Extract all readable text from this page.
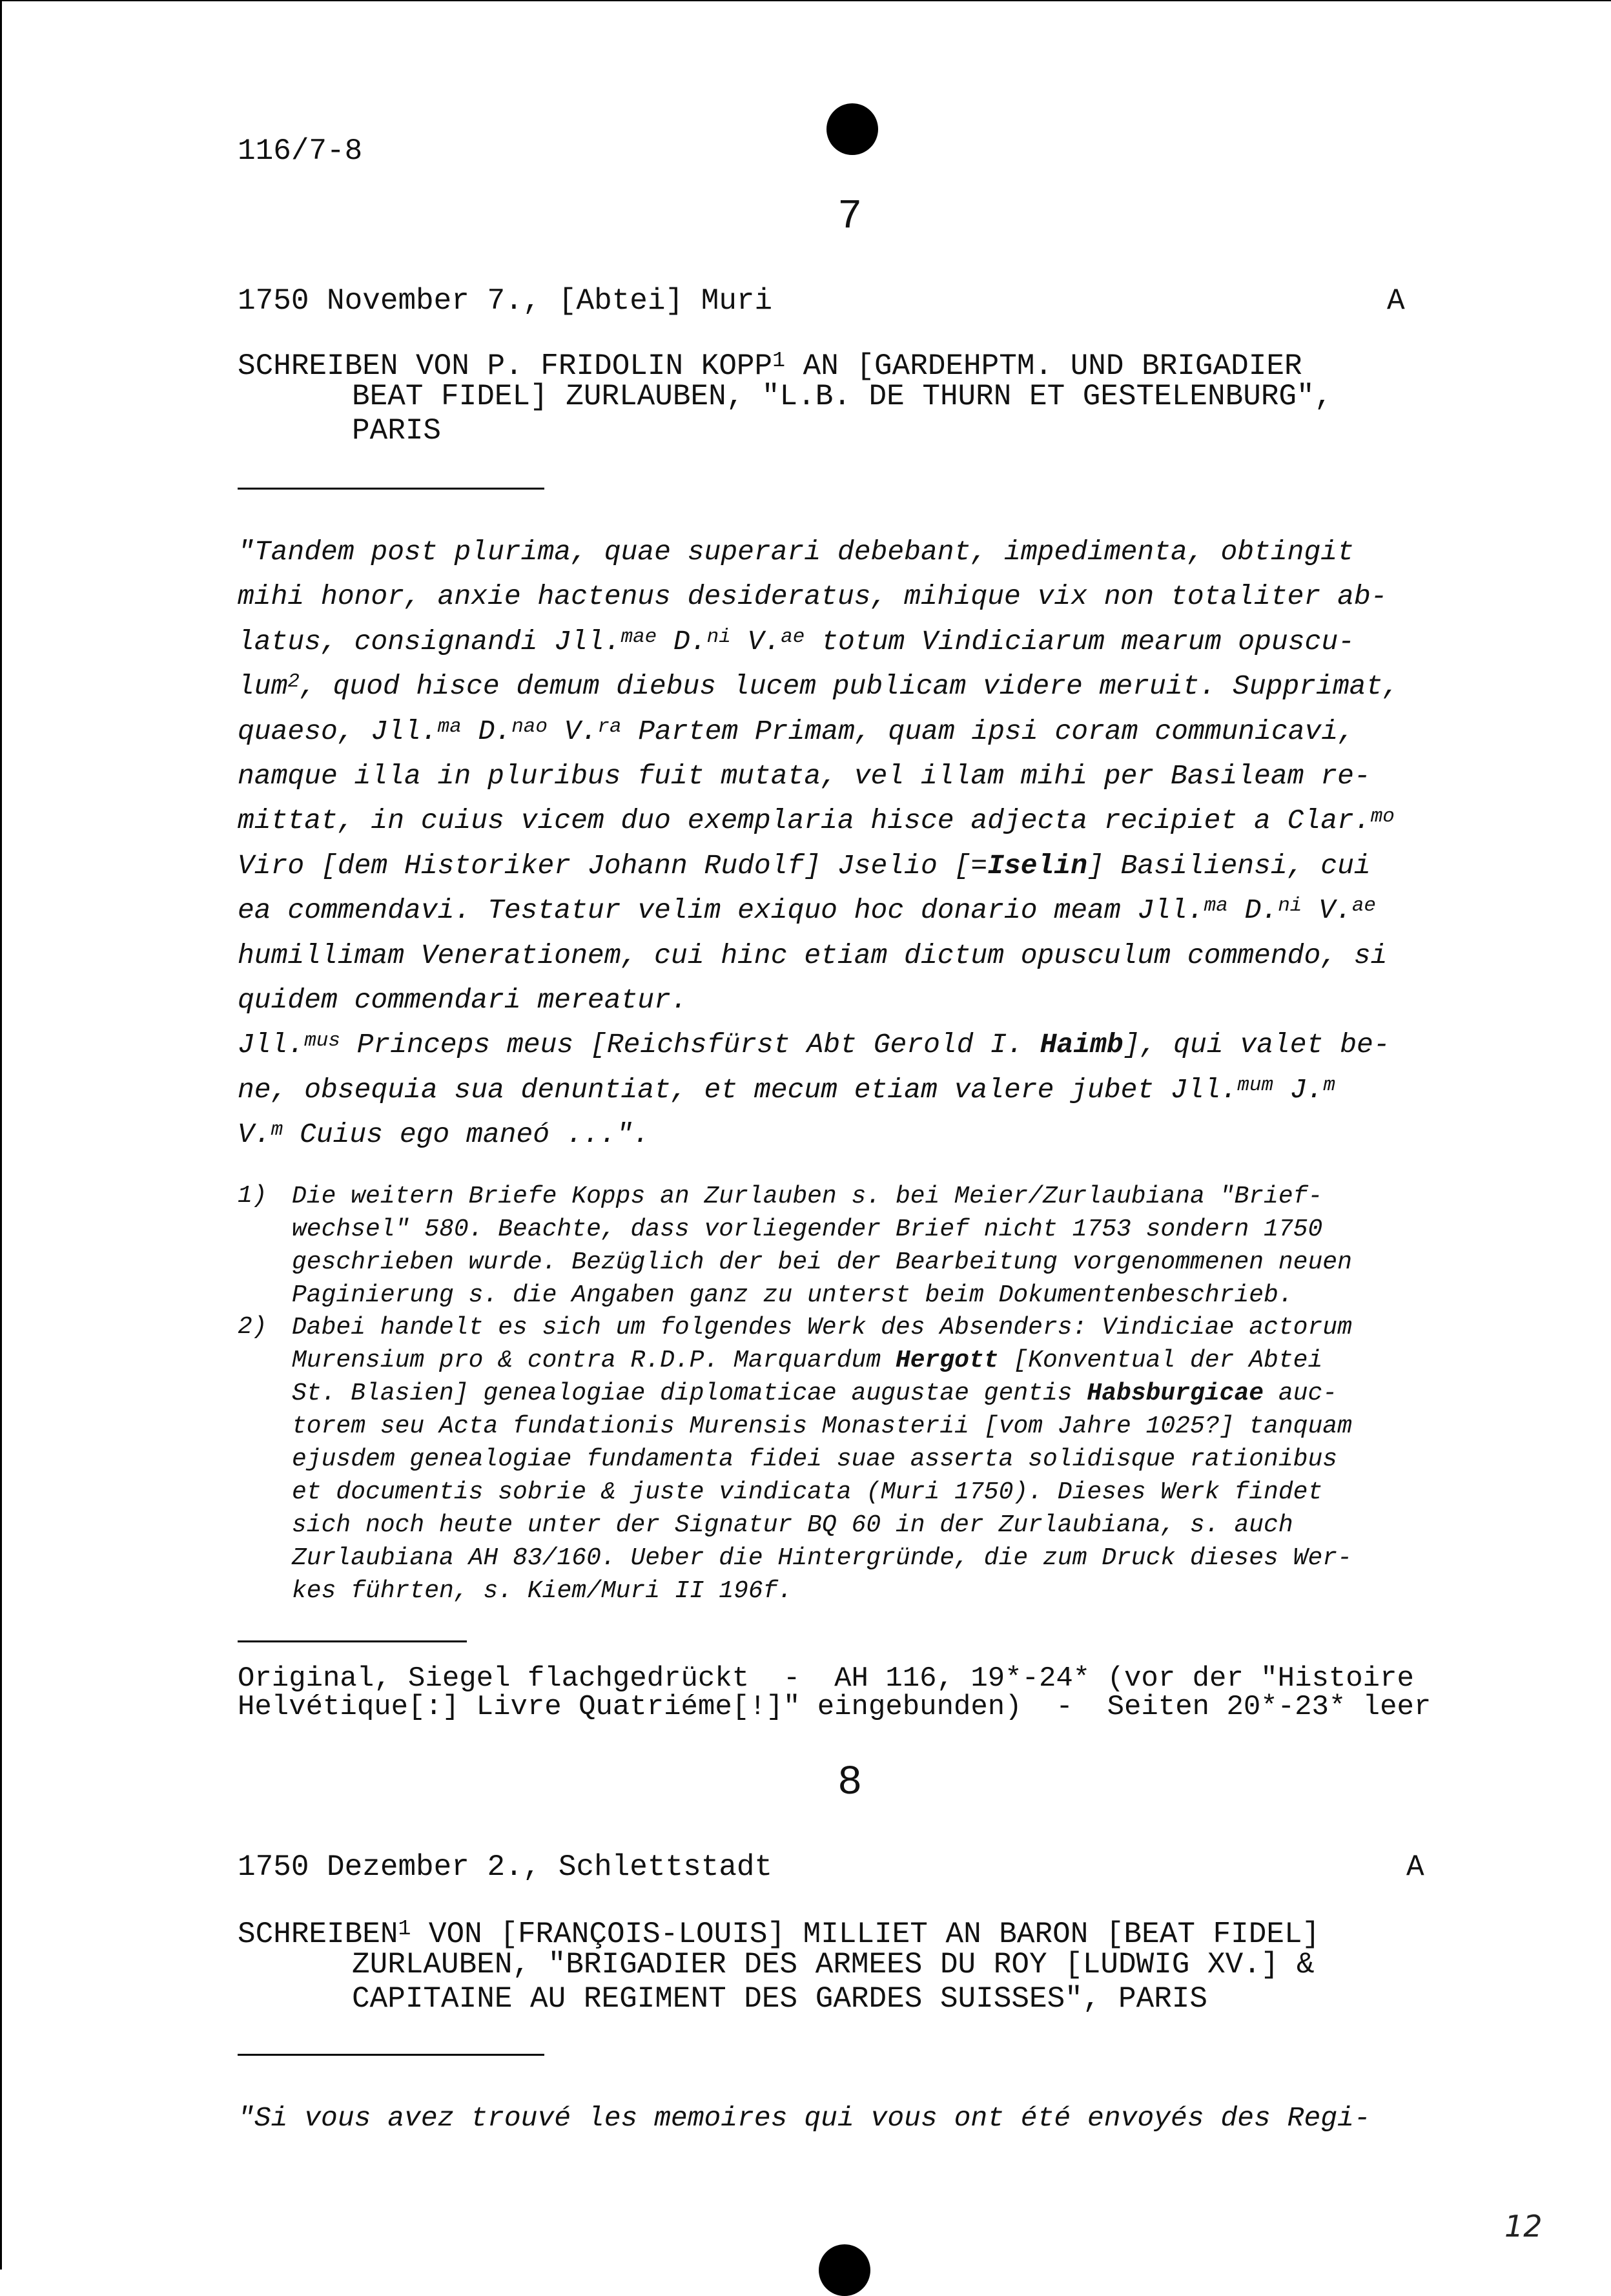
116/7-8
7
1750 November 7., [Abtei] Muri	A
SCHREIBEN VON P. FRIDOLIN KOPP$^1$ AN [GARDEHPTM. UND BRIGADIER
BEAT FIDEL] ZURLAUBEN, "L.B. DE THURN ET GESTELENBURG",
PARIS
"Tandem post plurima, quae superari debebant, impedimenta, obtingit
mihi honor, anxie hactenus desideratus, mihique vix non totaliter ab-
latus, consignandi Jll.$^{mae}$ D.$^{ni}$ V.$^{ae}$ totum Vindiciarum mearum opuscu-
lum$^2$, quod hisce demum diebus lucem publicam videre meruit. Supprimat,
quaeso, Jll.$^{ma}$ D.$^{nao}$ V.$^{ra}$ Partem Primam, quam ipsi coram communicavi,
namque illa in pluribus fuit mutata, vel illam mihi per Basileam re-
mittat, in cuius vicem duo exemplaria hisce adjecta recipiet a Clar.$^{mo}$
Viro [dem Historiker Johann Rudolf] Jselio [=Iselin] Basiliensi, cui
ea commendavi. Testatur velim exiquo hoc donario meam Jll.$^{ma}$ D.$^{ni}$ V.$^{ae}$
humillimam Venerationem, cui hinc etiam dictum opusculum commendo, si
quidem commendari mereatur.
Jll.$^{mus}$ Princeps meus [Reichsfürst Abt Gerold I. Haimb], qui valet be-
ne, obsequia sua denuntiat, et mecum etiam valere jubet Jll.$^{mum}$ J.$^m$
V.$^m$ Cuius ego maneó ...".
1) Die weitern Briefe Kopps an Zurlauben s. bei Meier/Zurlaubiana "Brief-
wechsel" 580. Beachte, dass vorliegender Brief nicht 1753 sondern 1750
geschrieben wurde. Bezüglich der bei der Bearbeitung vorgenommenen neuen
Paginierung s. die Angaben ganz zu unterst beim Dokumentenbeschrieb.
2) Dabei handelt es sich um folgendes Werk des Absenders: Vindiciae actorum
Murensium pro & contra R.D.P. Marquardum Hergott [Konventual der Abtei
St. Blasien] genealogiae diplomaticae augustae gentis Habsburgicae auc-
torem seu Acta fundationis Murensis Monasterii [vom Jahre 1025?] tanquam
ejusdem genealogiae fundamenta fidei suae asserta solidisque rationibus
et documentis sobrie & juste vindicata (Muri 1750). Dieses Werk findet
sich noch heute unter der Signatur BQ 60 in der Zurlaubiana, s. auch
Zurlaubiana AH 83/160. Ueber die Hintergründe, die zum Druck dieses Wer-
kes führten, s. Kiem/Muri II 196f.
Original, Siegel flachgedrückt  -  AH 116, 19*-24* (vor der "Histoire
Helvétique[:] Livre Quatriéme[!]" eingebunden)  -  Seiten 20*-23* leer
8
1750 Dezember 2., Schlettstadt	A
SCHREIBEN$^1$ VON [FRANÇOIS-LOUIS] MILLIET AN BARON [BEAT FIDEL]
ZURLAUBEN, "BRIGADIER DES ARMEES DU ROY [LUDWIG XV.] &
CAPITAINE AU REGIMENT DES GARDES SUISSES", PARIS
"Si vous avez trouvé les memoires qui vous ont été envoyés des Regi-
12
